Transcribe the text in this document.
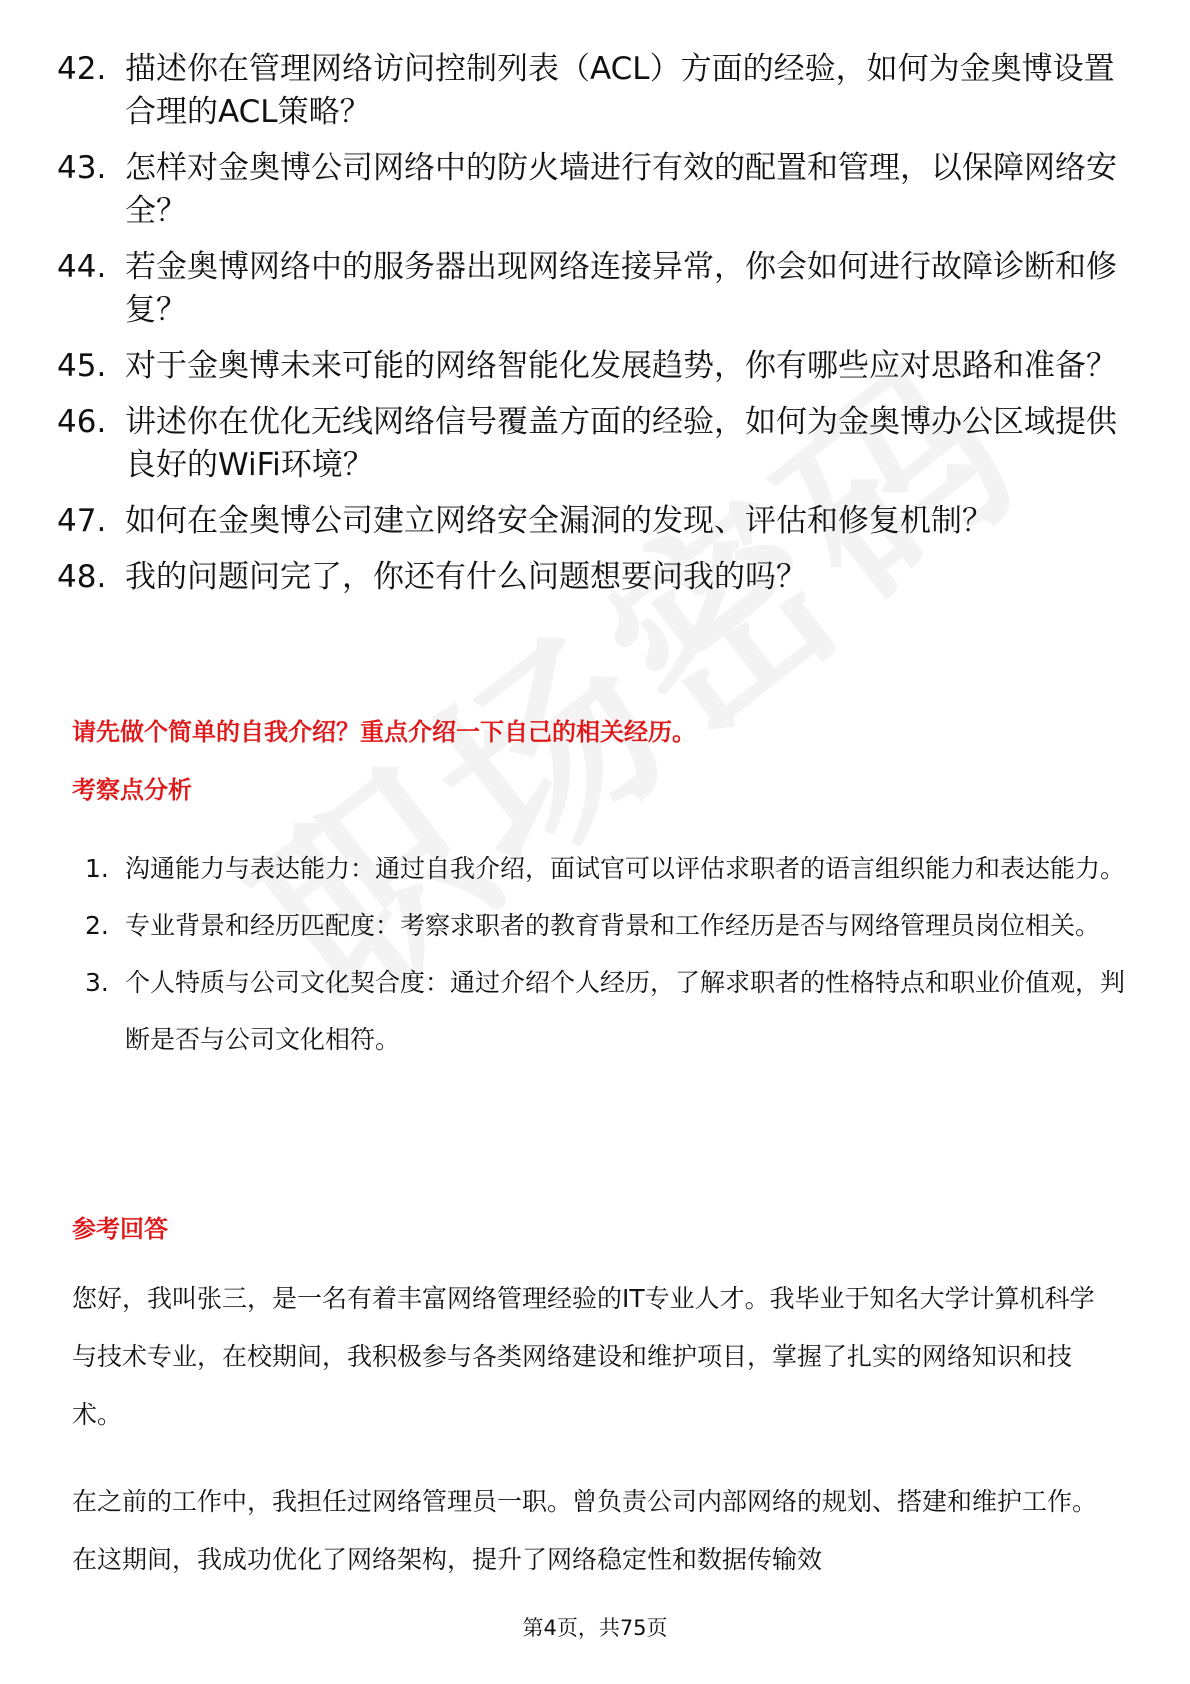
42. 描述你在管理网络访问控制列表（ACL）方面的经验，如何为金奥博设置合理的ACL策略？
43. 怎样对金奥博公司网络中的防火墙进行有效的配置和管理，以保障网络安全？
44. 若金奥博网络中的服务器出现网络连接异常，你会如何进行故障诊断和修复？
45. 对于金奥博未来可能的网络智能化发展趋势，你有哪些应对思路和准备？
46. 讲述你在优化无线网络信号覆盖方面的经验，如何为金奥博办公区域提供良好的WiFi环境？
47. 如何在金奥博公司建立网络安全漏洞的发现、评估和修复机制？
48. 我的问题问完了，你还有什么问题想要问我的吗？
请先做个简单的自我介绍？重点介绍一下自己的相关经历。
考察点分析
1. 沟通能力与表达能力：通过自我介绍，面试官可以评估求职者的语言组织能力和表达能力。
2. 专业背景和经历匹配度：考察求职者的教育背景和工作经历是否与网络管理员岗位相关。
3. 个人特质与公司文化契合度：通过介绍个人经历，了解求职者的性格特点和职业价值观，判断是否与公司文化相符。
参考回答

您好，我叫张三，是一名有着丰富网络管理经验的IT专业人才。我毕业于知名大学计算机科学与技术专业，在校期间，我积极参与各类网络建设和维护项目，掌握了扎实的网络知识和技术。

在之前的工作中，我担任过网络管理员一职。曾负责公司内部网络的规划、搭建和维护工作。在这期间，我成功优化了网络架构，提升了网络稳定性和数据传输效

第4页，共75页
